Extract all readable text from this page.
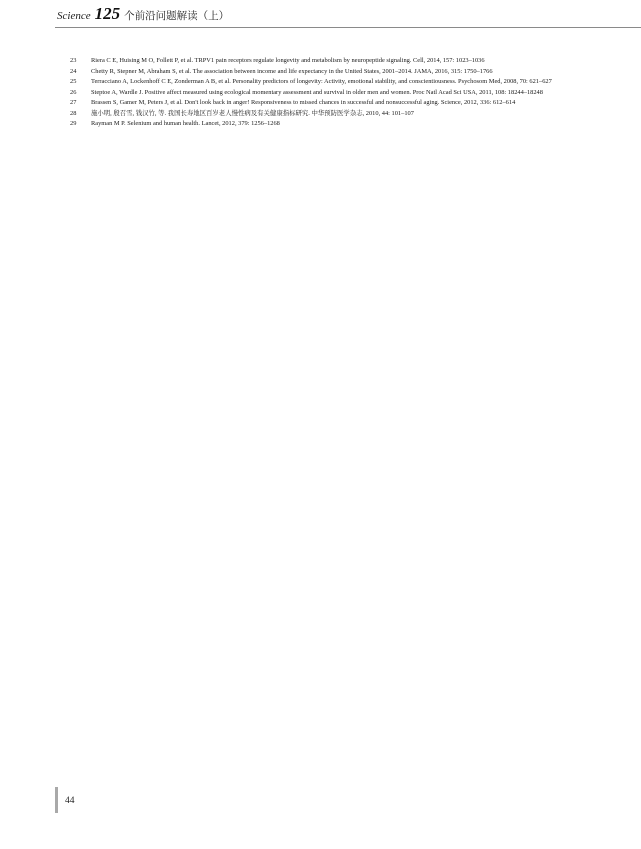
Science 125 个前沿问题解读（上）
23	Riera C E, Huising M O, Follett P, et al. TRPV1 pain receptors regulate longevity and metabolism by neuropeptide signaling. Cell, 2014, 157: 1023–1036
24	Chetty R, Stepner M, Abraham S, et al. The association between income and life expectancy in the United States, 2001–2014. JAMA, 2016, 315: 1750–1766
25	Terracciano A, Lockenhoff C E, Zonderman A B, et al. Personality predictors of longevity: Activity, emotional stability, and conscientiousness. Psychosom Med, 2008, 70: 621–627
26	Steptoe A, Wardle J. Positive affect measured using ecological momentary assessment and survival in older men and women. Proc Natl Acad Sci USA, 2011, 108: 18244–18248
27	Brassen S, Gamer M, Peters J, et al. Don't look back in anger! Responsiveness to missed chances in successful and nonsuccessful aging. Science, 2012, 336: 612–614
28	施小明, 殷召雪, 钱汉竹, 等. 我国长寿地区百岁老人慢性病及有关健康指标研究. 中华预防医学杂志, 2010, 44: 101–107
29	Rayman M P. Selenium and human health. Lancet, 2012, 379: 1256–1268
44
